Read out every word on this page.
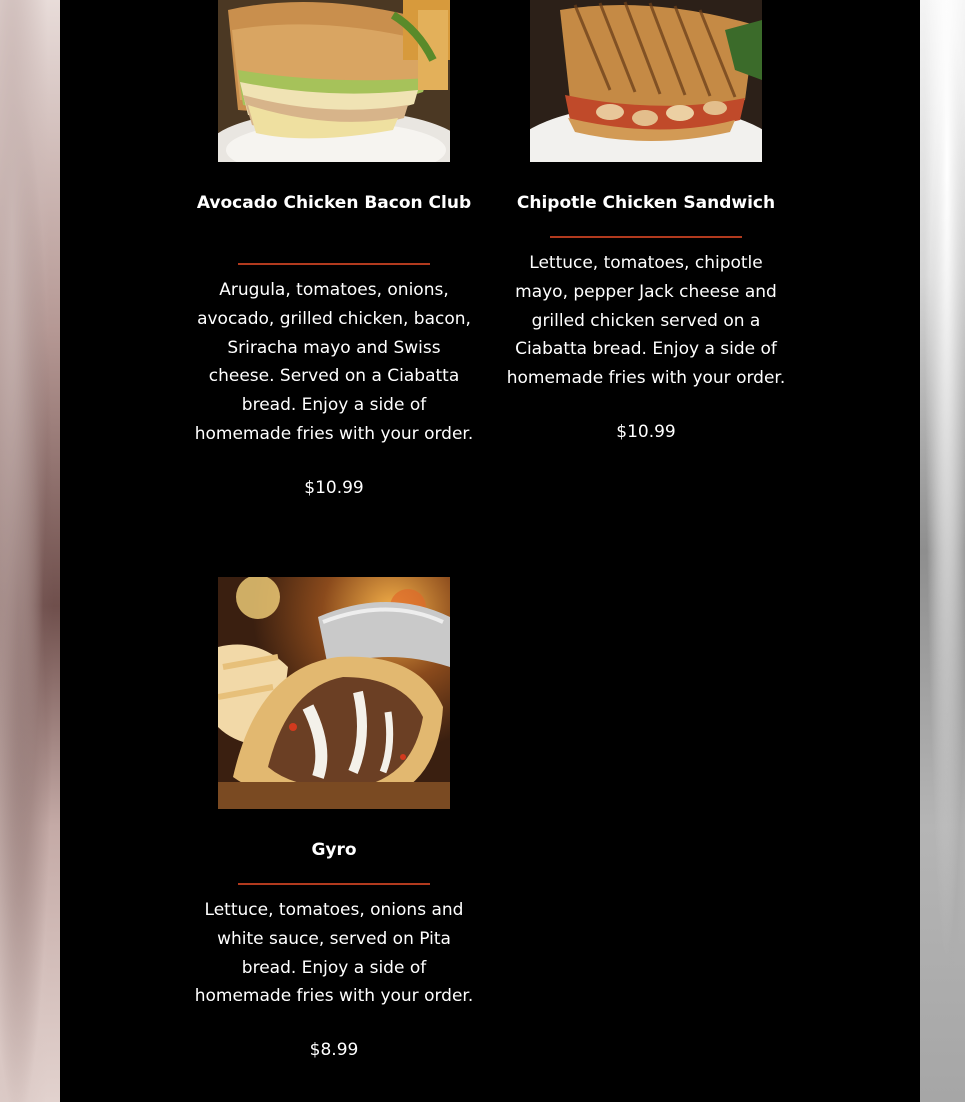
Avocado Chicken Bacon Club
Arugula, tomatoes, onions, avocado, grilled chicken, bacon, Sriracha mayo and Swiss cheese. Served on a Ciabatta bread. Enjoy a side of homemade fries with your order.
$10.99
Chipotle Chicken Sandwich
Lettuce, tomatoes, chipotle mayo, pepper Jack cheese and grilled chicken served on a Ciabatta bread. Enjoy a side of homemade fries with your order.
$10.99
Gyro
Lettuce, tomatoes, onions and white sauce, served on Pita bread. Enjoy a side of homemade fries with your order.
$8.99
